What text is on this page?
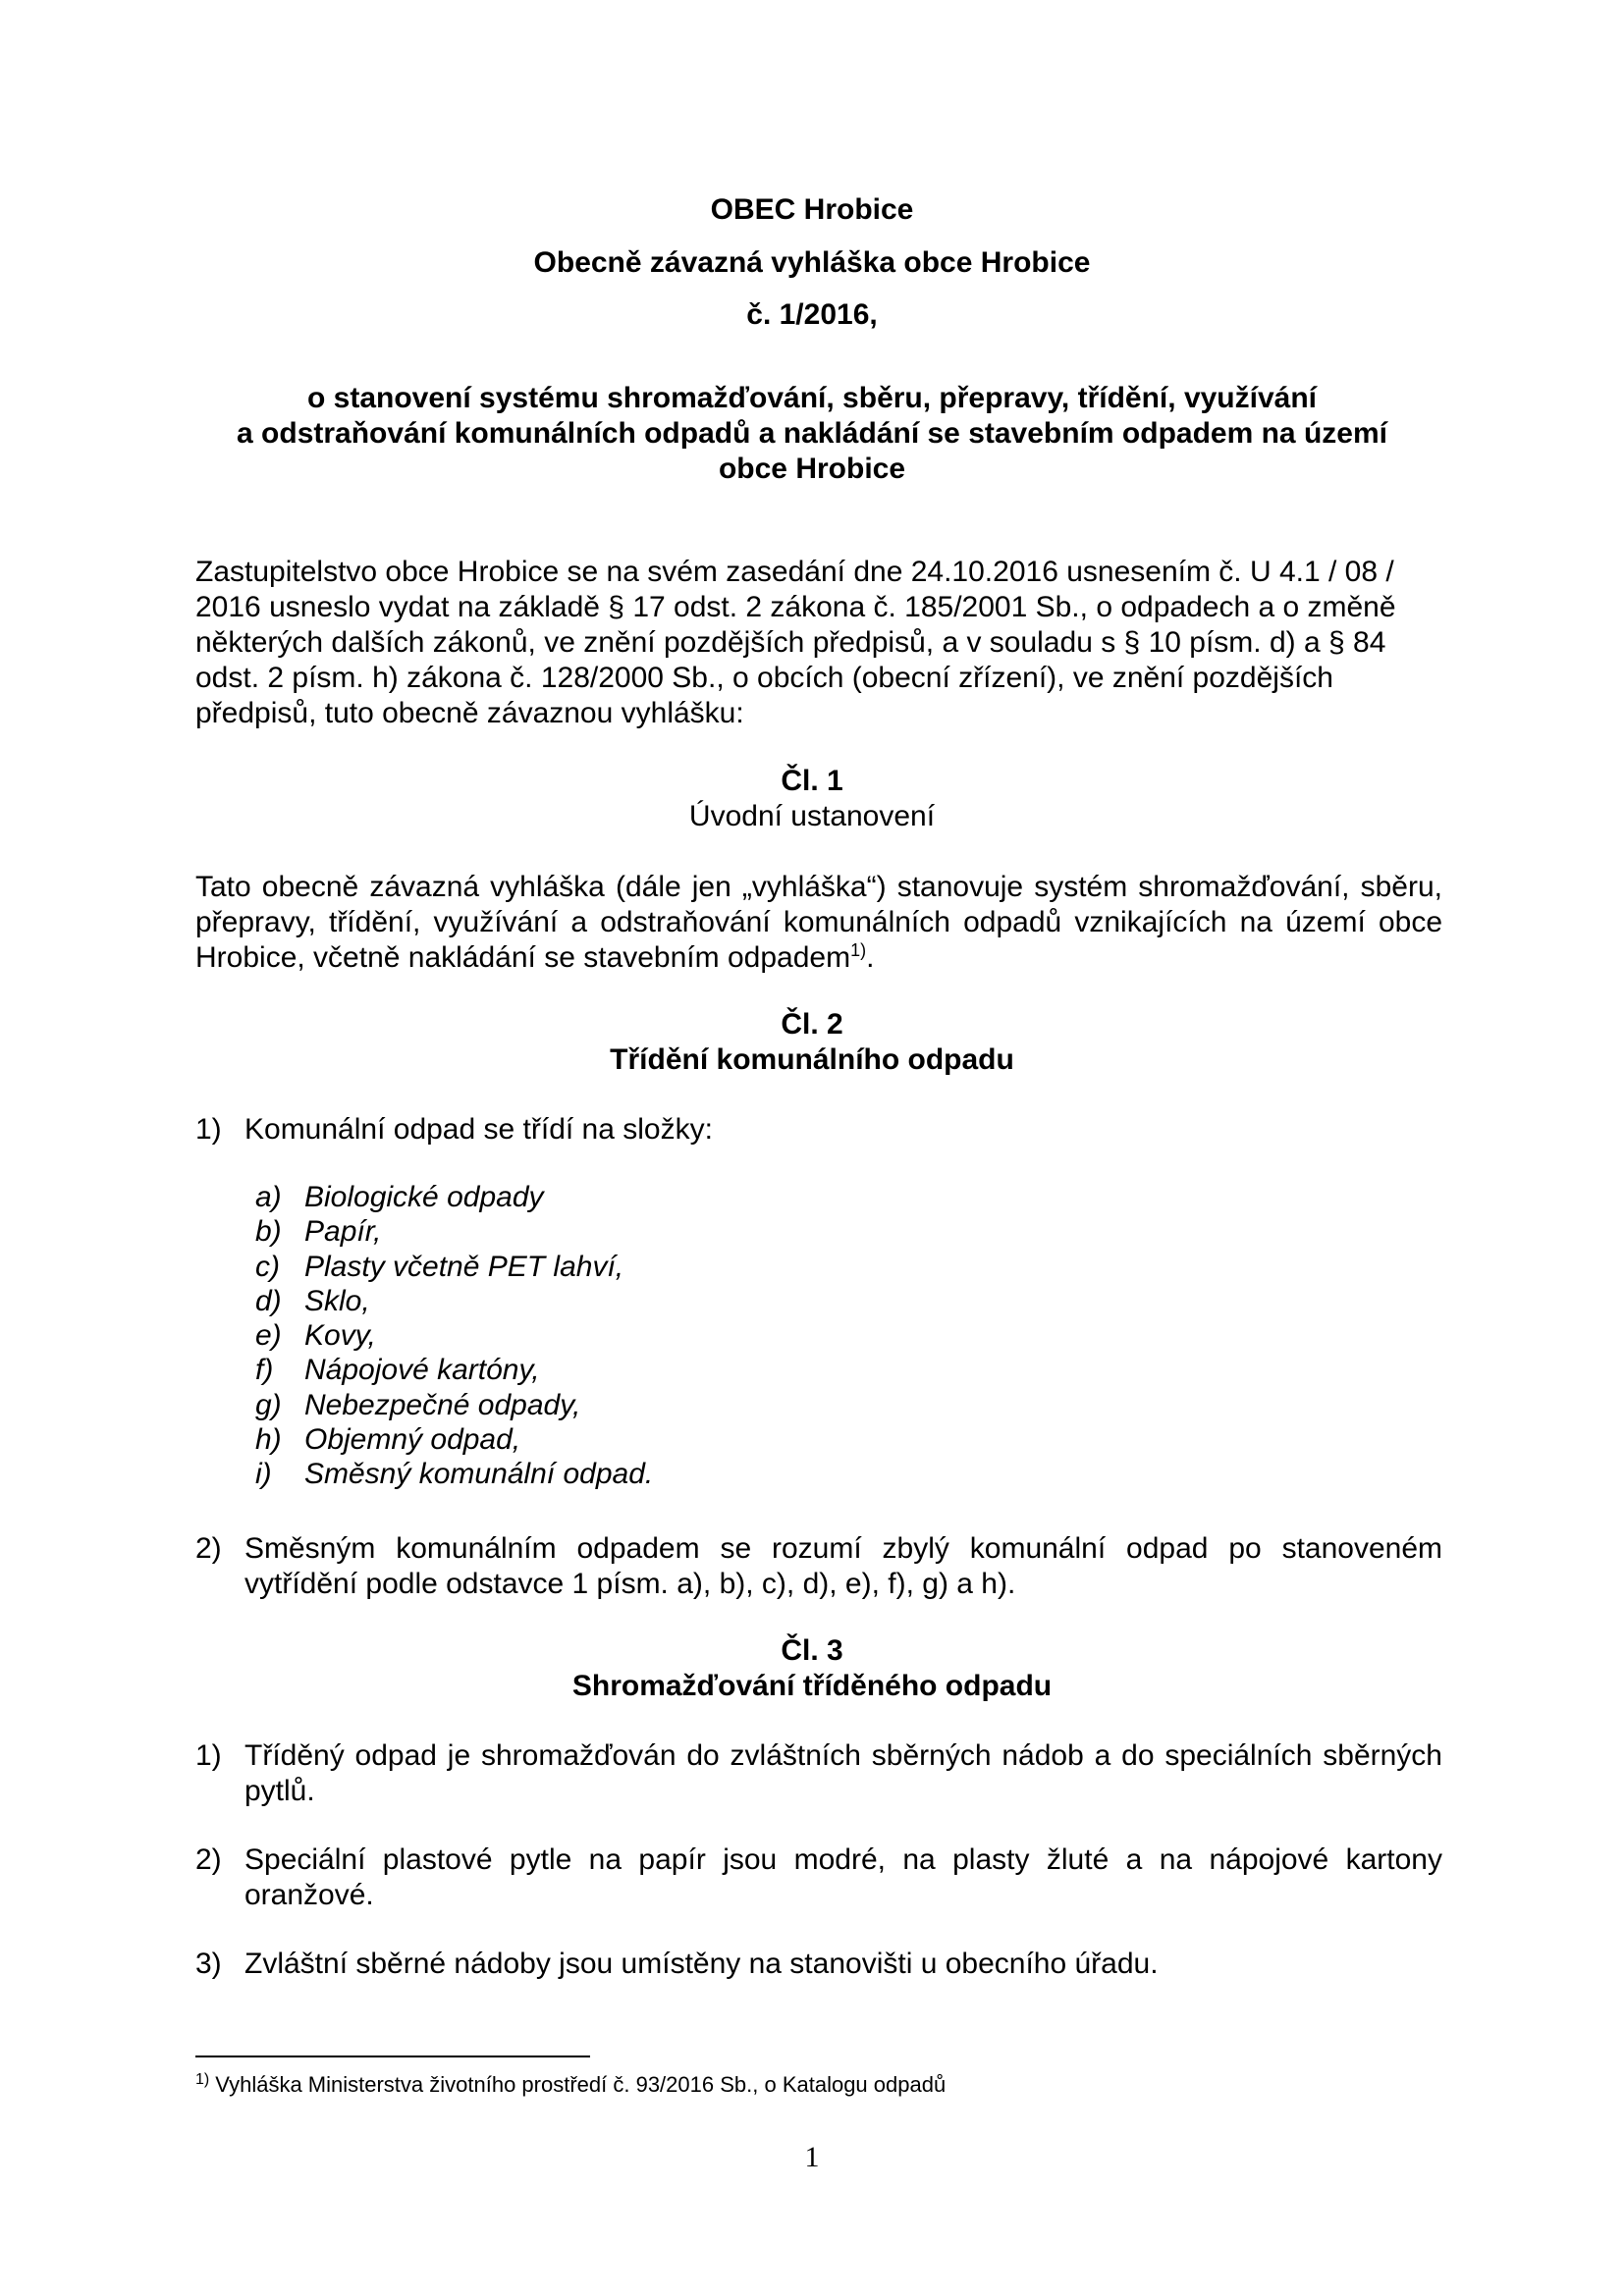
OBEC Hrobice
Obecně závazná vyhláška obce Hrobice
č. 1/2016,
o stanovení systému shromažďování, sběru, přepravy, třídění, využívání
a odstraňování komunálních odpadů a nakládání se stavebním odpadem na území
obce Hrobice
Zastupitelstvo obce Hrobice se na svém zasedání dne 24.10.2016 usnesením č. U 4.1 / 08 / 2016 usneslo vydat na základě § 17 odst. 2 zákona č. 185/2001 Sb., o odpadech a o změně některých dalších zákonů, ve znění pozdějších předpisů, a v souladu s § 10 písm. d) a § 84 odst. 2 písm. h) zákona č. 128/2000 Sb., o obcích (obecní zřízení), ve znění pozdějších předpisů, tuto obecně závaznou vyhlášku:
Čl. 1
Úvodní ustanovení
Tato obecně závazná vyhláška (dále jen „vyhláška“) stanovuje systém shromažďování, sběru, přepravy, třídění, využívání a odstraňování komunálních odpadů vznikajících na území obce Hrobice, včetně nakládání se stavebním odpadem$^{1)}$.
Čl. 2
Třídění komunálního odpadu
1) Komunální odpad se třídí na složky:
a) Biologické odpady
b) Papír,
c) Plasty včetně PET lahví,
d) Sklo,
e) Kovy,
f) Nápojové kartóny,
g) Nebezpečné odpady,
h) Objemný odpad,
i) Směsný komunální odpad.
2) Směsným komunálním odpadem se rozumí zbylý komunální odpad po stanoveném vytřídění podle odstavce 1 písm. a), b), c), d), e), f), g) a h).
Čl. 3
Shromažďování tříděného odpadu
1) Tříděný odpad je shromažďován do zvláštních sběrných nádob a do speciálních sběrných pytlů.
2) Speciální plastové pytle na papír jsou modré, na plasty žluté a na nápojové kartony oranžové.
3) Zvláštní sběrné nádoby jsou umístěny na stanovišti u obecního úřadu.
$^{1)}$ Vyhláška Ministerstva životního prostředí č. 93/2016 Sb., o Katalogu odpadů
1
